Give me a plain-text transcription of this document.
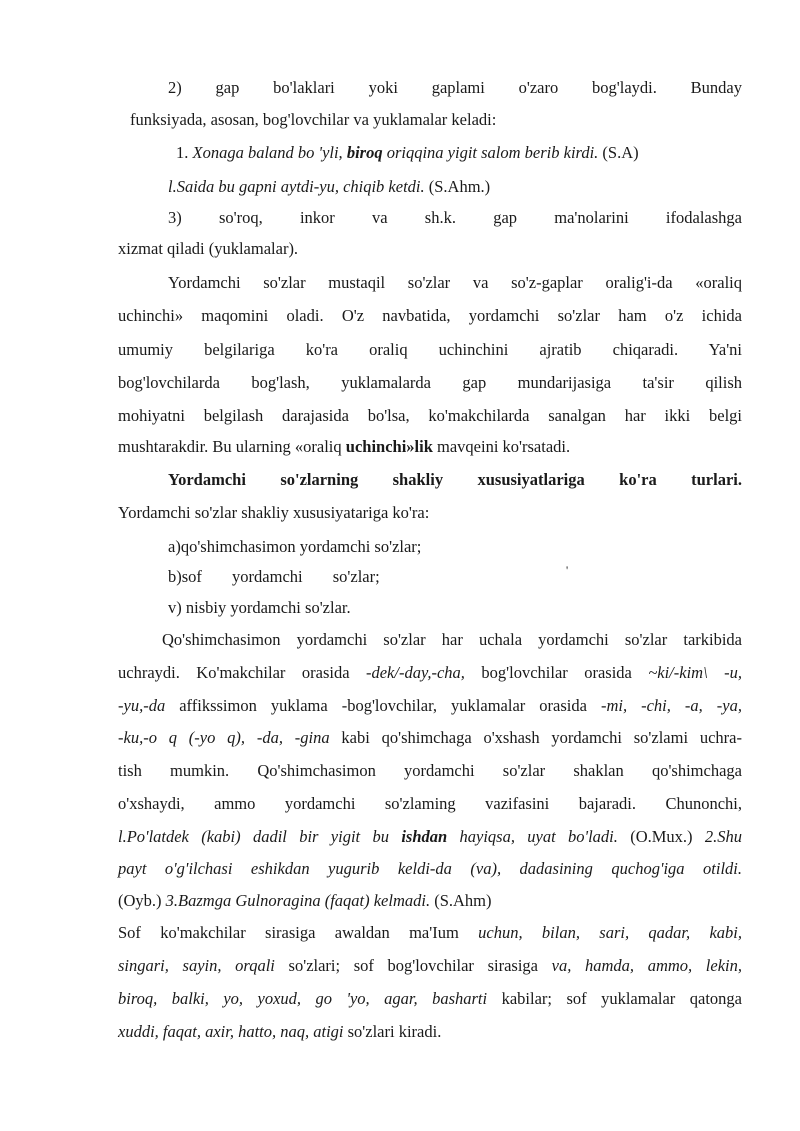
2) gap bo'laklari yoki gaplami o'zaro bog'laydi. Bunday
funksiyada, asosan, bog'lovchilar va yuklamalar keladi:
1. Xonaga baland bo 'yli, biroq oriqqina yigit salom berib kirdi. (S.A)
l.Saida bu gapni aytdi-yu, chiqib ketdi. (S.Ahm.)
3) so'roq, inkor va sh.k. gap ma'nolarini ifodalashga
xizmat qiladi (yuklamalar).
Yordamchi so'zlar mustaqil so'zlar va so'z-gaplar oralig'i-da «oraliq
uchinchi» maqomini oladi. O'z navbatida, yordamchi so'zlar ham o'z ichida
umumiy belgilariga ko'ra oraliq uchinchini ajratib chiqaradi. Ya'ni
bog'lovchilarda bog'lash, yuklamalarda gap mundarijasiga ta'sir qilish
mohiyatni belgilash darajasida bo'lsa, ko'makchilarda sanalgan har ikki belgi
mushtarakdir. Bu ularning «oraliq uchinchi»lik mavqeini ko'rsatadi.
Yordamchi so'zlarning shakliy xususiyatlariga ko'ra turlari.
Yordamchi so'zlar shakliy xususiyatariga ko'ra:
a)qo'shimchasimon yordamchi so'zlar;
b)sof yordamchi so'zlar;
v) nisbiy yordamchi so'zlar.
Qo'shimchasimon yordamchi so'zlar har uchala yordamchi so'zlar tarkibida
uchraydi. Ko'makchilar orasida -dek/-day,-cha, bog'lovchilar orasida ~ki/-kim\ -u,
-yu,-da affikssimon yuklama -bog'lovchilar, yuklamalar orasida -mi, -chi, -a, -ya,
-ku,-o q (-yo q), -da, -gina kabi qo'shimchaga o'xshash yordamchi so'zlami uchra-
tish mumkin. Qo'shimchasimon yordamchi so'zlar shaklan qo'shimchaga
o'xshaydi, ammo yordamchi so'zlaming vazifasini bajaradi. Chunonchi,
l.Po'latdek (kabi) dadil bir yigit bu ishdan hayiqsa, uyat bo'ladi. (O.Mux.) 2.Shu
payt o'g'ilchasi eshikdan yugurib keldi-da (va), dadasining quchog'iga otildi.
(Oyb.) 3.Bazmga Gulnoragina (faqat) kelmadi. (S.Ahm)
Sof ko'makchilar sirasiga awaldan ma'Ium uchun, bilan, sari, qadar, kabi,
singari, sayin, orqali so'zlari; sof bog'lovchilar sirasiga va, hamda, ammo, lekin,
biroq, balki, yo, yoxud, go 'yo, agar, basharti kabilar; sof yuklamalar qatonga
xuddi, faqat, axir, hatto, naq, atigi so'zlari kiradi.
'
